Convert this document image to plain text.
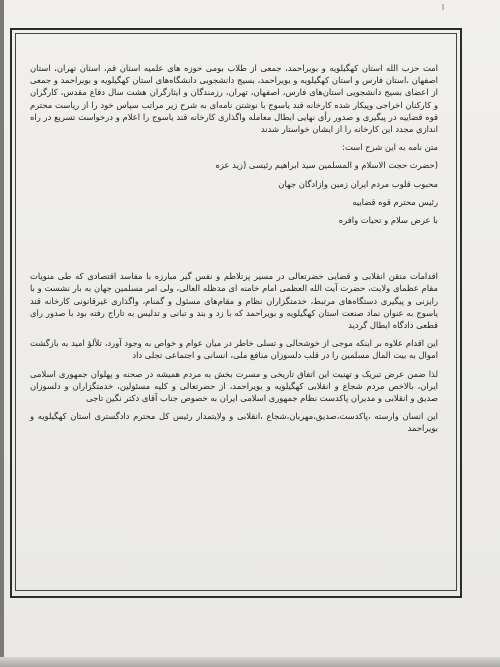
امت حزب الله استان کهگیلویه و بویراحمد، جمعی از طلاب بومی حوزه های علمیه استان قم، استان تهران، استان اصفهان ،استان فارس و استان کهگیلویه و بویراحمد، بسیج دانشجویی دانشگاه‌های استان کهگیلویه و بویراحمد و جمعی از اعضای بسیج دانشجویی استان‌های فارس، اصفهان، تهران، رزمندگان و ایثارگران هشت سال دفاع مقدس، کارگران و کارکنان اخراجی وپیکار شده کارخانه قند یاسوج با نوشتن نامه‌ای به شرح زیر مراتب سپاس خود را از ریاست محترم قوه قضاییه در پیگیری و صدور رأی نهایی ابطال معامله واگذاری کارخانه قند یاسوج را اعلام و درخواست تسریع در راه اندازی مجدد این کارخانه را از ایشان خواستار شدند

متن نامه به این شرح است:

(حضرت حجت الاسلام و المسلمین سید ابراهیم رئیسی (زید عزه

محبوب قلوب مردم ایران زمین وازادگان جهان

رئیس محترم قوه قضاییه

با عرض سلام و تحیات وافره

اقدامات متقن انقلابی و قضایی حضرتعالی در مسیر پرتلاطم و نفس گیر مبارزه با مفاسد اقتصادی که طی منویات مقام عظمای ولایت، حضرت آیت الله العظمی امام خامنه ای مدظله العالی، ولی امر مسلمین جهان به بار نشست و با رایزنی و پیگیری دستگاه‌های مرتبط، خدمتگزاران نظام و مقام‌های مسئول و گمنام، واگذاری غیرقانونی کارخانه قند یاسوج به عنوان نماد صنعت استان کهگیلویه و بویراحمد که با زد و بند و تبانی و تدلیس به تاراج رفته بود با صدور رای قطعی دادگاه ابطال گردید

این اقدام علاوه بر اینکه موجی از خوشحالی و تسلی خاطر در میان عوام و خواص به وجود آورد، تلألؤ امید به بازگشت اموال به بیت المال مسلمین را در قلب دلسوزان منافع ملی، انسانی و اجتماعی تجلی داد

لذا ضمن عرض تبریک و تهنیت این اتفاق تاریخی و مسرت بخش به مردم همیشه در صحنه و پهلوان جمهوری اسلامی ایران، بالاخص مردم شجاع و انقلابی کهگیلویه و بویراحمد، از حضرتعالی و کلیه مسئولین، خدمتگزاران و دلسوزان صدیق و انقلابی و مدیران پاکدست نظام جمهوری اسلامی ایران به خصوص جناب آقای دکتر نگین تاجی

این انسان وارسته ،پاکدست،صدیق،مهربان،شجاع ،انقلابی و ولایتمدار رئیس کل محترم دادگستری استان کهگیلویه و بویراحمد
